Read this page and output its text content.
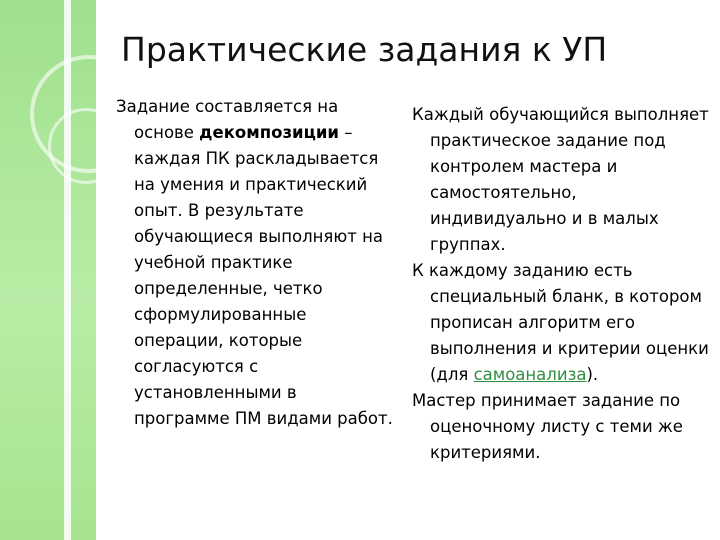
Практические задания к УП

Задание составляется на основе декомпозиции – каждая ПК раскладывается на умения и практический опыт. В результате обучающиеся выполняют на учебной практике определенные, четко сформулированные операции, которые согласуются с установленными в программе ПМ видами работ.

Каждый обучающийся выполняет практическое задание под контролем мастера и самостоятельно, индивидуально и в малых группах.

К каждому заданию есть специальный бланк, в котором прописан алгоритм его выполнения и критерии оценки (для самоанализа).

Мастер принимает задание по оценочному листу с теми же критериями.
